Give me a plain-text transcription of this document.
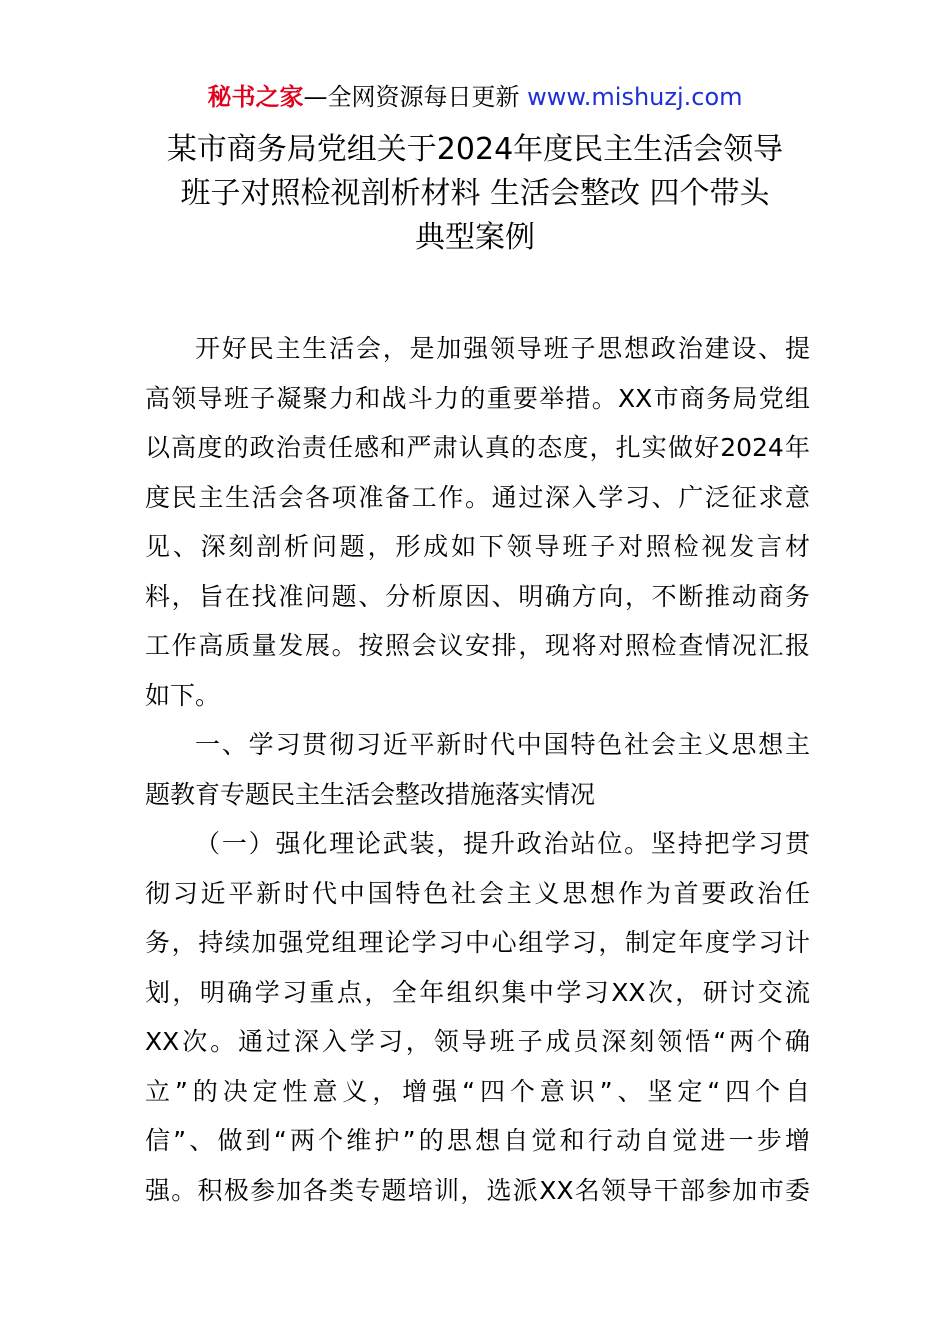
秘书之家—全网资源每日更新 www.mishuzj.com
某市商务局党组关于2024年度民主生活会领导
班子对照检视剖析材料 生活会整改 四个带头
典型案例

开好民主生活会，是加强领导班子思想政治建设、提
高领导班子凝聚力和战斗力的重要举措。XX市商务局党组
以高度的政治责任感和严肃认真的态度，扎实做好2024年
度民主生活会各项准备工作。通过深入学习、广泛征求意
见、深刻剖析问题，形成如下领导班子对照检视发言材
料，旨在找准问题、分析原因、明确方向，不断推动商务
工作高质量发展。按照会议安排，现将对照检查情况汇报
如下。

一、学习贯彻习近平新时代中国特色社会主义思想主
题教育专题民主生活会整改措施落实情况

（一）强化理论武装，提升政治站位。坚持把学习贯
彻习近平新时代中国特色社会主义思想作为首要政治任
务，持续加强党组理论学习中心组学习，制定年度学习计
划，明确学习重点，全年组织集中学习XX次，研讨交流
XX次。通过深入学习，领导班子成员深刻领悟“两个确
立”的决定性意义，增强“四个意识”、坚定“四个自
信”、做到“两个维护”的思想自觉和行动自觉进一步增
强。积极参加各类专题培训，选派XX名领导干部参加市委
